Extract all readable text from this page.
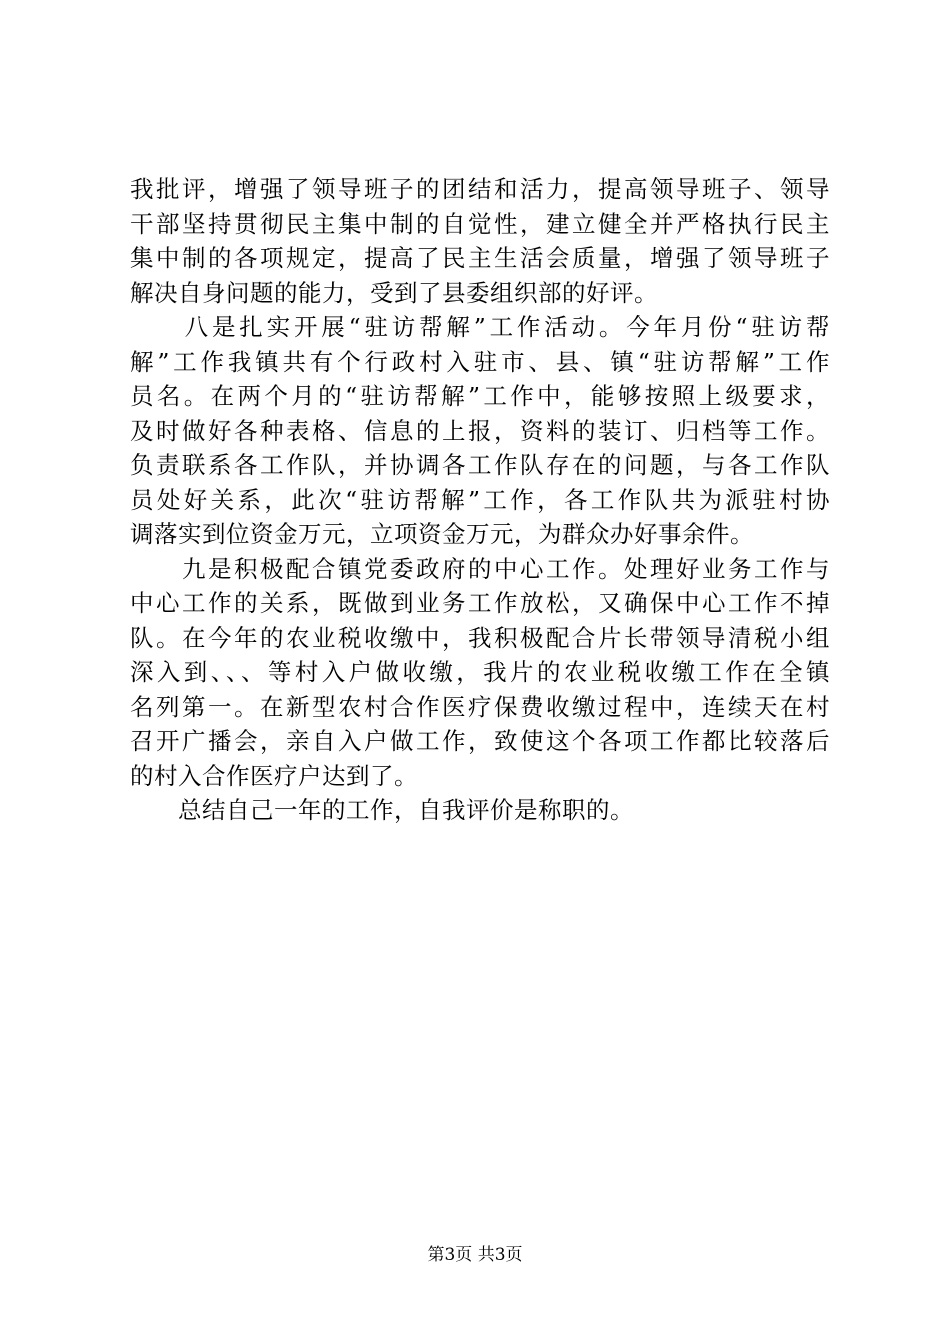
我批评，增强了领导班子的团结和活力，提高领导班子、领导
干部坚持贯彻民主集中制的自觉性，建立健全并严格执行民主
集中制的各项规定，提高了民主生活会质量，增强了领导班子
解决自身问题的能力，受到了县委组织部的好评。
　　八是扎实开展“驻访帮解”工作活动。今年月份“驻访帮
解”工作我镇共有个行政村入驻市、县、镇“驻访帮解”工作
员名。在两个月的“驻访帮解”工作中，能够按照上级要求，
及时做好各种表格、信息的上报，资料的装订、归档等工作。
负责联系各工作队，并协调各工作队存在的问题，与各工作队
员处好关系，此次“驻访帮解”工作，各工作队共为派驻村协
调落实到位资金万元，立项资金万元，为群众办好事余件。
　　九是积极配合镇党委政府的中心工作。处理好业务工作与
中心工作的关系，既做到业务工作放松，又确保中心工作不掉
队。在今年的农业税收缴中，我积极配合片长带领导清税小组
深入到、、、等村入户做收缴，我片的农业税收缴工作在全镇
名列第一。在新型农村合作医疗保费收缴过程中，连续天在村
召开广播会，亲自入户做工作，致使这个各项工作都比较落后
的村入合作医疗户达到了。
　　总结自己一年的工作，自我评价是称职的。
第3页 共3页
